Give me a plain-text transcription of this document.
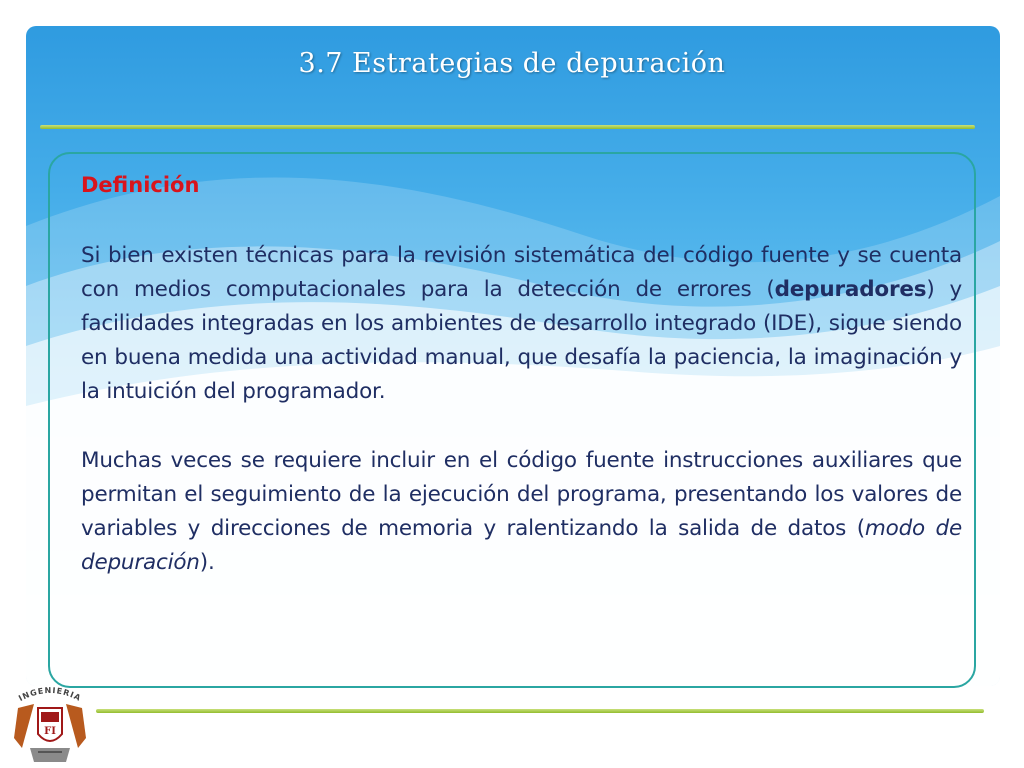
3.7 Estrategias de depuración
Definición
Si bien existen técnicas para la revisión sistemática del código fuente y se cuenta con medios computacionales para la detección de errores (depuradores) y facilidades integradas en los ambientes de desarrollo integrado (IDE), sigue siendo en buena medida una actividad manual, que desafía la paciencia, la imaginación y la intuición del programador.
Muchas veces se requiere incluir en el código fuente instrucciones auxiliares que permitan el seguimiento de la ejecución del programa, presentando los valores de variables y direcciones de memoria y ralentizando la salida de datos (modo de depuración).
INGENIERIA
FI
